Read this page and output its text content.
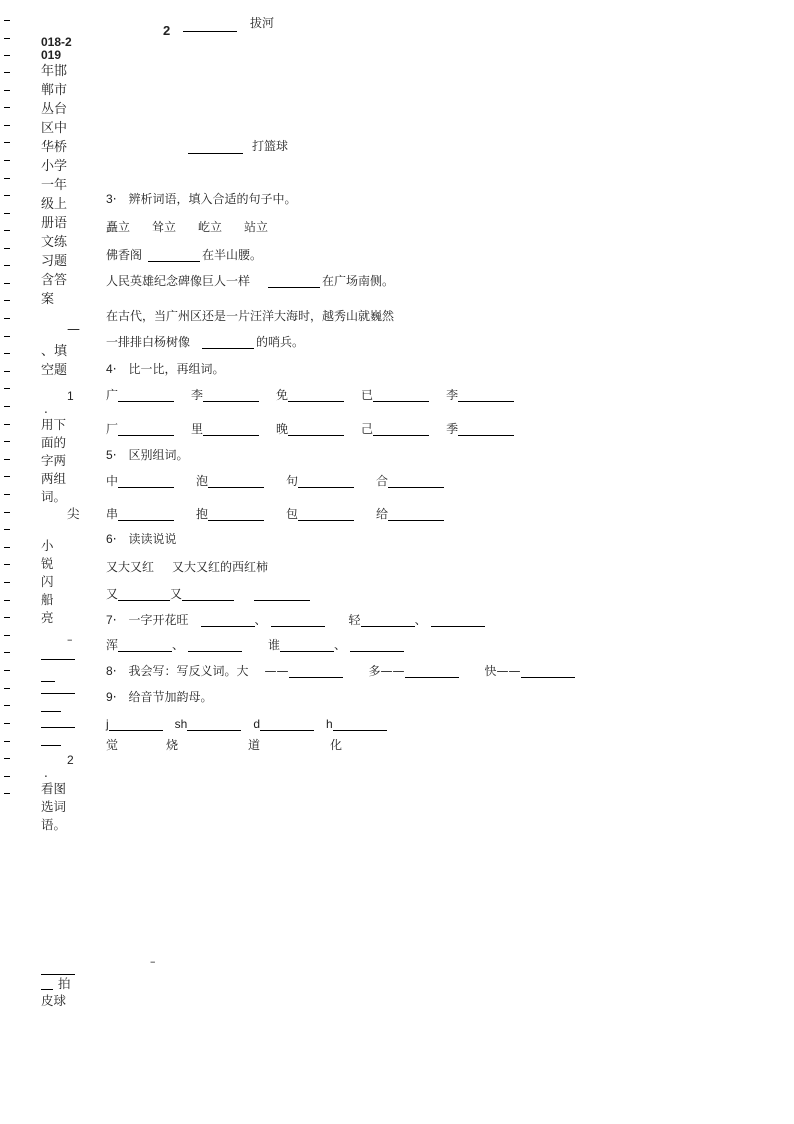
018-2019
年邯
郸市
丛台
区中
华桥
小学
一年
级上
册语
文练
习题
含答
案
—
、填空题
1
.
用下
面的
字两
两组
词。
尖
小
锐
闪
船
亮
–
2
.
看图
选词
语。
–
拍
皮球
2	拔河
打篮球
3· 辨析词语，填入合适的句子中。
矗立 耸立 屹立 站立
佛香阁	在半山腰。
人民英雄纪念碑像巨人一样	在广场南侧。
在古代，当广州区还是一片汪洋大海时，越秀山就巍然
一排排白杨树像	的哨兵。
4· 比一比，再组词。
广	李	免	已	李
厂	里	晚	己	季
5· 区别组词。
中	泡	句	合
串	抱	包	给
6· 读读说说
又大又红 又大又红的西红柿
又	又
7· 一字开花旺	、	轻	、
浑	、	谁	、
8· 我会写：写反义词。大 ——	多——	快——
9· 给音节加韵母。
j	sh	d	h
觉	烧	道	化
